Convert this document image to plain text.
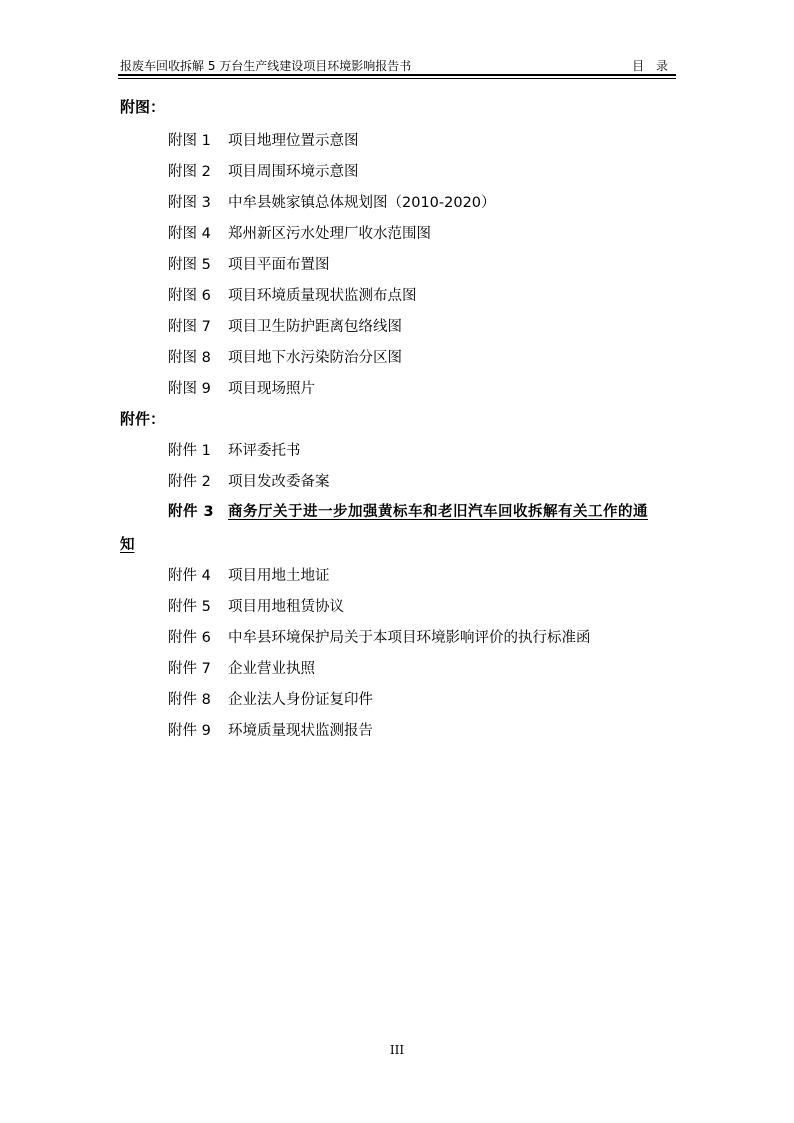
报废车回收拆解 5 万台生产线建设项目环境影响报告书	目 录
附图：
附图 1 项目地理位置示意图
附图 2 项目周围环境示意图
附图 3 中牟县姚家镇总体规划图（2010-2020）
附图 4 郑州新区污水处理厂收水范围图
附图 5 项目平面布置图
附图 6 项目环境质量现状监测布点图
附图 7 项目卫生防护距离包络线图
附图 8 项目地下水污染防治分区图
附图 9 项目现场照片
附件：
附件 1 环评委托书
附件 2 项目发改委备案
附件 3 商务厅关于进一步加强黄标车和老旧汽车回收拆解有关工作的通
知
附件 4 项目用地土地证
附件 5 项目用地租赁协议
附件 6 中牟县环境保护局关于本项目环境影响评价的执行标准函
附件 7 企业营业执照
附件 8 企业法人身份证复印件
附件 9 环境质量现状监测报告
III
